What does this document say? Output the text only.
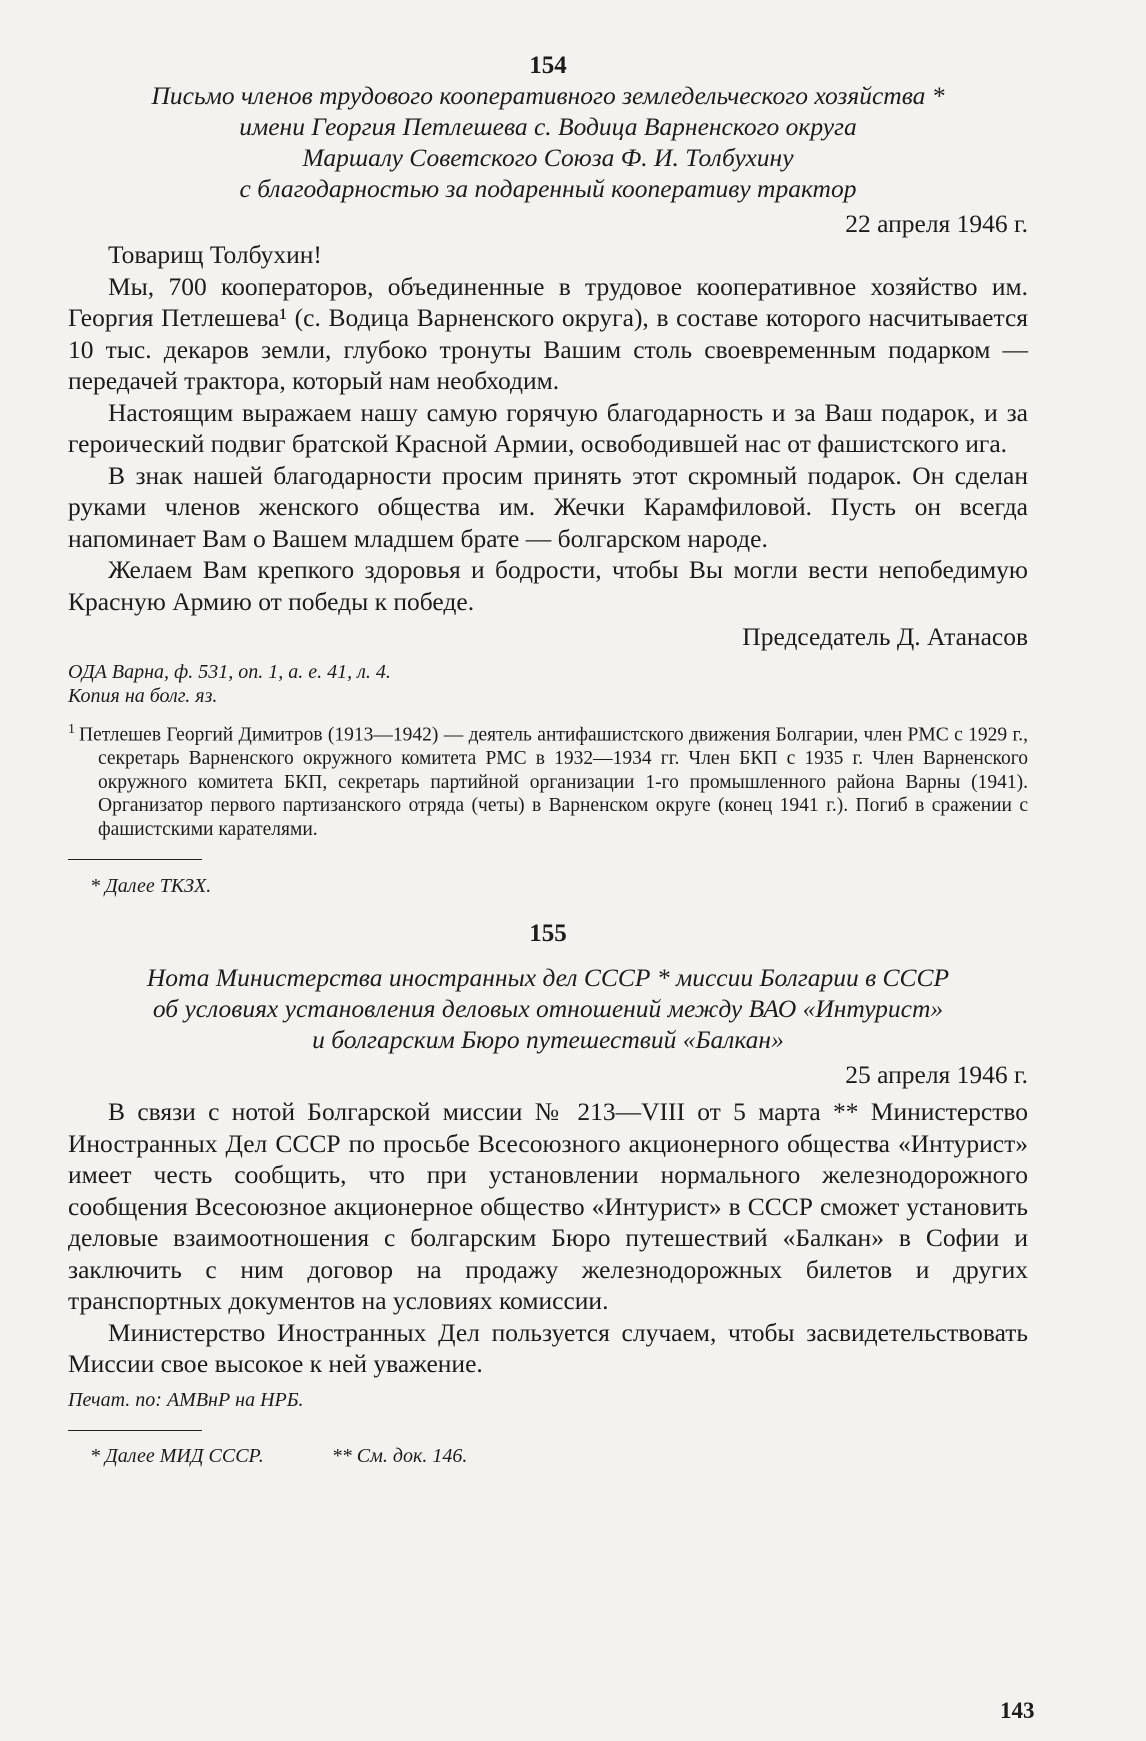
154

Письмо членов трудового кооперативного земледельческого хозяйства *

имени Георгия Петлешева с. Водица Варненского округа

Маршалу Советского Союза Ф. И. Толбухину

с благодарностью за подаренный кооперативу трактор

22 апреля 1946 г.

Товарищ Толбухин!

Мы, 700 кооператоров, объединенные в трудовое кооперативное хозяйство им. Георгия Петлешева¹ (с. Водица Варненского округа), в составе которого насчитывается 10 тыс. декаров земли, глубоко тронуты Вашим столь своевременным подарком — передачей трактора, который нам необходим.

Настоящим выражаем нашу самую горячую благодарность и за Ваш подарок, и за героический подвиг братской Красной Армии, освободившей нас от фашистского ига.

В знак нашей благодарности просим принять этот скромный подарок. Он сделан руками членов женского общества им. Жечки Карамфиловой. Пусть он всегда напоминает Вам о Вашем младшем брате — болгарском народе.

Желаем Вам крепкого здоровья и бодрости, чтобы Вы могли вести непобедимую Красную Армию от победы к победе.

Председатель Д. Атанасов

ОДА Варна, ф. 531, оп. 1, а. е. 41, л. 4.

Копия на болг. яз.

$^1$ Петлешев Георгий Димитров (1913—1942) — деятель антифашистского движения Болгарии, член РМС с 1929 г., секретарь Варненского окружного комитета РМС в 1932—1934 гг. Член БКП с 1935 г. Член Варненского окружного комитета БКП, секретарь партийной организации 1-го промышленного района Варны (1941). Организатор первого партизанского отряда (четы) в Варненском округе (конец 1941 г.). Погиб в сражении с фашистскими карателями.

* Далее ТКЗХ.

155

Нота Министерства иностранных дел СССР * миссии Болгарии в СССР

об условиях установления деловых отношений между ВАО «Интурист»

и болгарским Бюро путешествий «Балкан»

25 апреля 1946 г.

В связи с нотой Болгарской миссии № 213—VIII от 5 марта ** Министерство Иностранных Дел СССР по просьбе Всесоюзного акционерного общества «Интурист» имеет честь сообщить, что при установлении нормального железнодорожного сообщения Всесоюзное акционерное общество «Интурист» в СССР сможет установить деловые взаимоотношения с болгарским Бюро путешествий «Балкан» в Софии и заключить с ним договор на продажу железнодорожных билетов и других транспортных документов на условиях комиссии.

Министерство Иностранных Дел пользуется случаем, чтобы засвидетельствовать Миссии свое высокое к ней уважение.

Печат. по: АМВнР на НРБ.

* Далее МИД СССР.	** См. док. 146.
143
